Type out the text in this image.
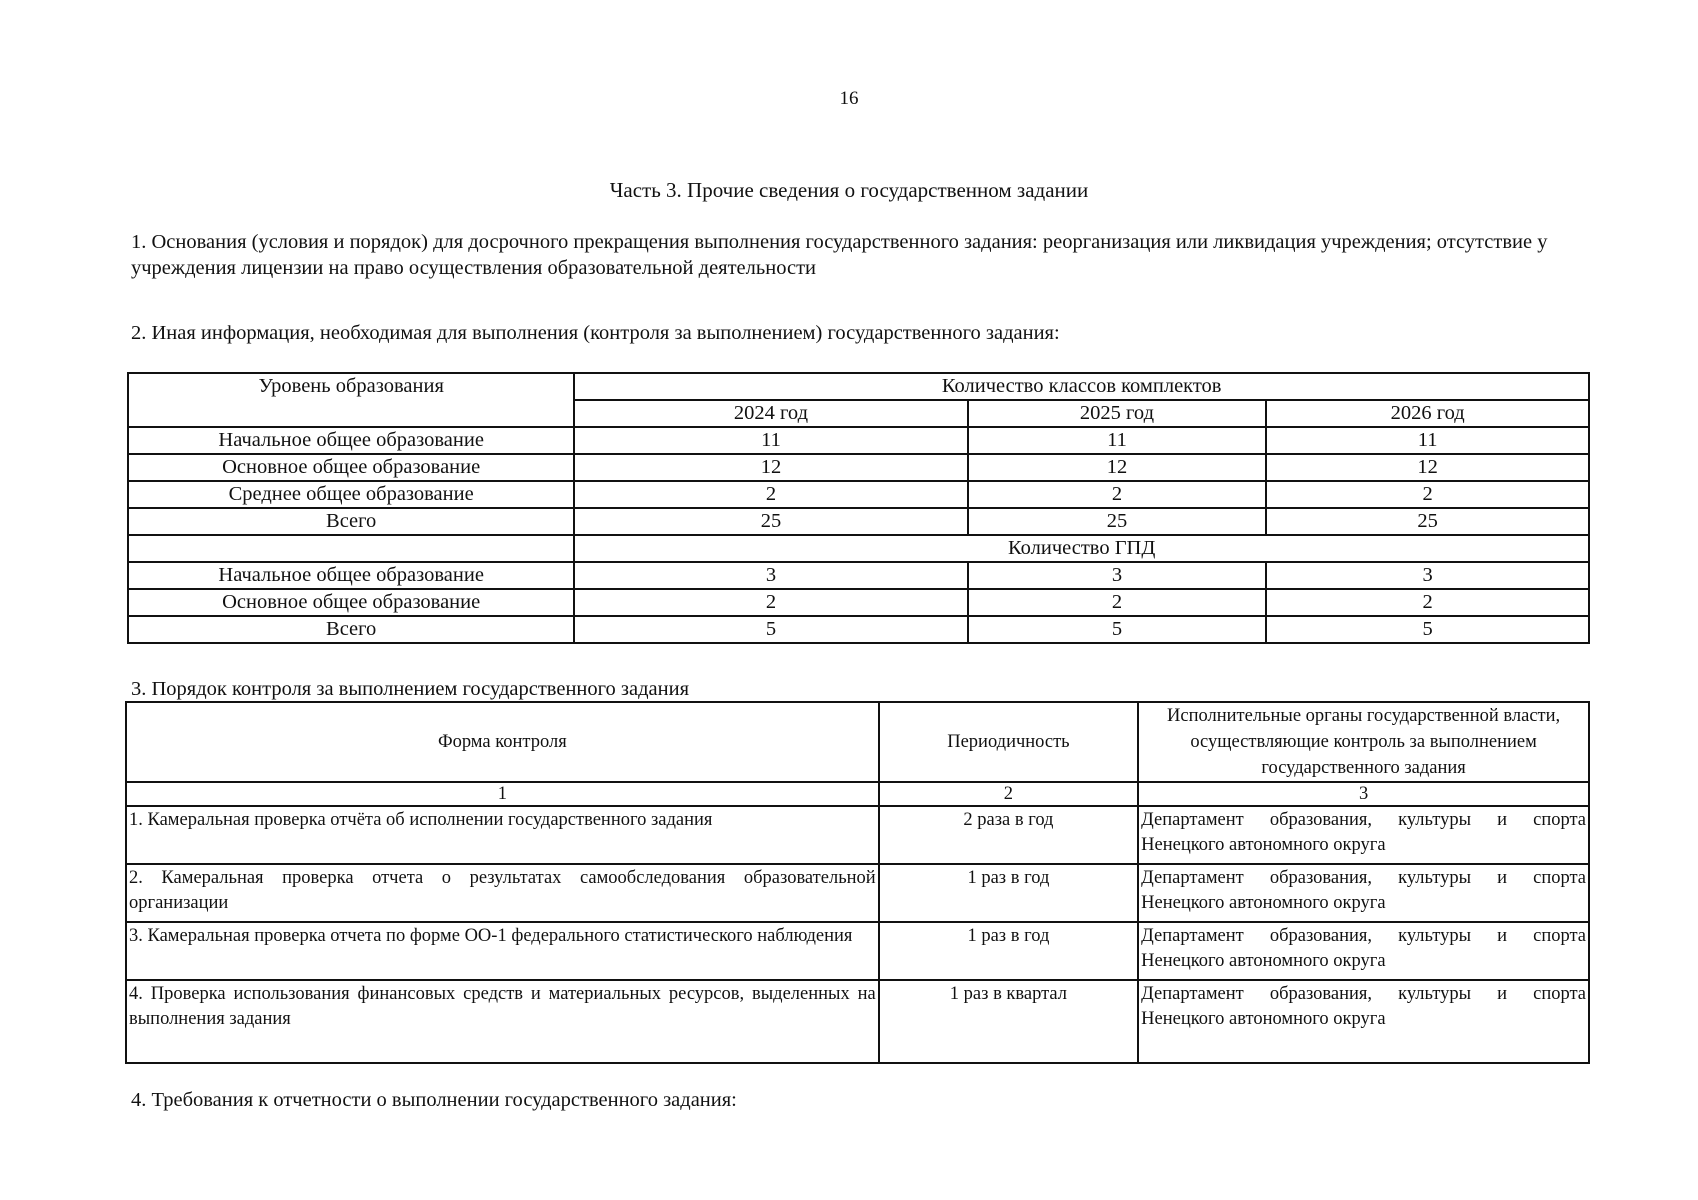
16
Часть 3. Прочие сведения о государственном задании
1. Основания (условия и порядок) для досрочного прекращения выполнения государственного задания: реорганизация или ликвидация учреждения; отсутствие у учреждения лицензии на право осуществления образовательной деятельности
2. Иная информация, необходимая для выполнения (контроля за выполнением) государственного задания:
Уровень образования	Количество классов комплектов		
	2024 год	2025 год	2026 год
Начальное общее образование	11	11	11
Основное общее образование	12	12	12
Среднее общее образование	2	2	2
Всего	25	25	25
	Количество ГПД		
Начальное общее образование	3	3	3
Основное общее образование	2	2	2
Всего	5	5	5
3. Порядок контроля за выполнением государственного задания
Форма контроля	Периодичность	Исполнительные органы государственной власти, осуществляющие контроль за выполнением государственного задания
1	2	3
1. Камеральная проверка отчёта об исполнении государственного задания	2 раза в год	Департамент образования, культуры и спорта Ненецкого автономного округа
2. Камеральная проверка отчета о результатах самообследования образовательной организации	1 раз в год	Департамент образования, культуры и спорта Ненецкого автономного округа
3. Камеральная проверка отчета по форме ОО-1 федерального статистического наблюдения	1 раз в год	Департамент образования, культуры и спорта Ненецкого автономного округа
4. Проверка использования финансовых средств и материальных ресурсов, выделенных на выполнения задания	1 раз в квартал	Департамент образования, культуры и спорта Ненецкого автономного округа
4. Требования к отчетности о выполнении государственного задания:
